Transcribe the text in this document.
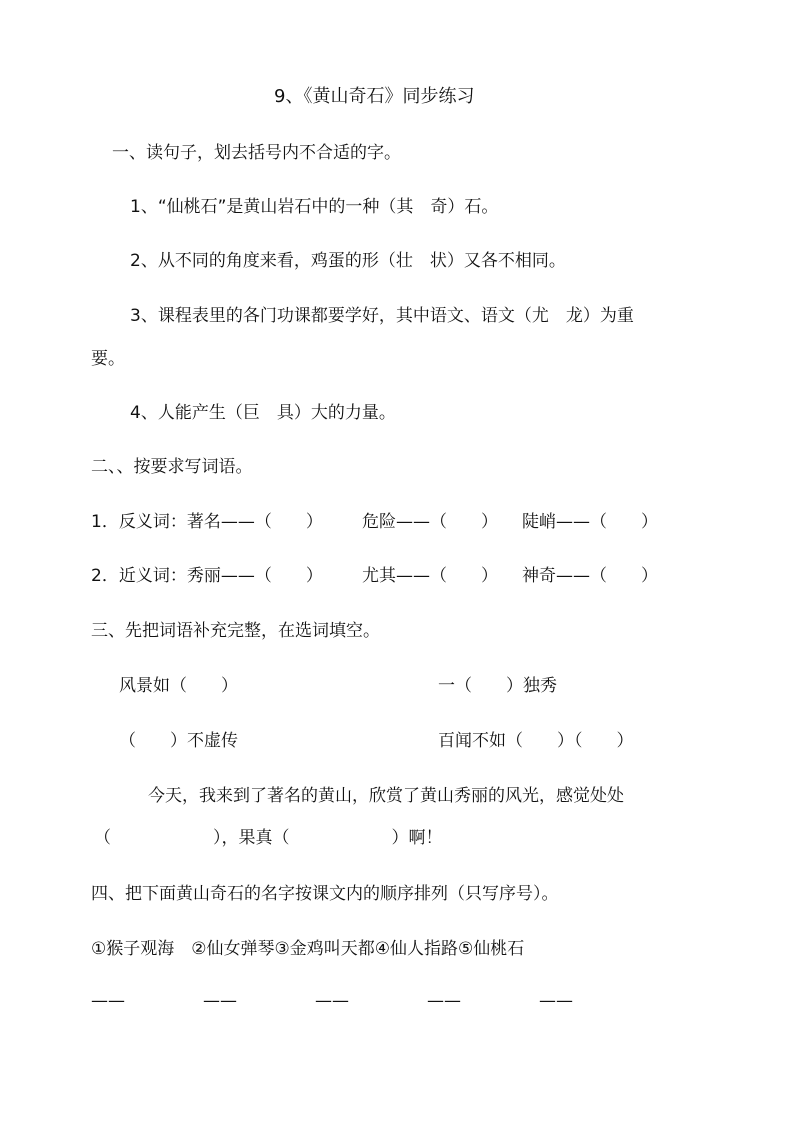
9、《黄山奇石》同步练习
一、读句子，划去括号内不合适的字。
1、“仙桃石”是黄山岩石中的一种（其　奇）石。
2、从不同的角度来看，鸡蛋的形（壮　状）又各不相同。
3、课程表里的各门功课都要学好，其中语文、语文（尤　龙）为重
要。
4、人能产生（巨　具）大的力量。
二、、按要求写词语。
1．反义词：著名——（　　） 危险——（　　） 陡峭——（　　）
2．近义词：秀丽——（　　） 尤其——（　　） 神奇——（　　）
三、先把词语补充完整，在选词填空。
风景如（　　）	一（　　）独秀
（　　）不虚传	百闻不如（　　）（　　）
今天，我来到了著名的黄山，欣赏了黄山秀丽的风光，感觉处处
（　　　　　　），果真（　　　　　　）啊！
四、把下面黄山奇石的名字按课文内的顺序排列（只写序号）。
①猴子观海　②仙女弹琴③金鸡叫天都④仙人指路⑤仙桃石
——	——	——	——	——
